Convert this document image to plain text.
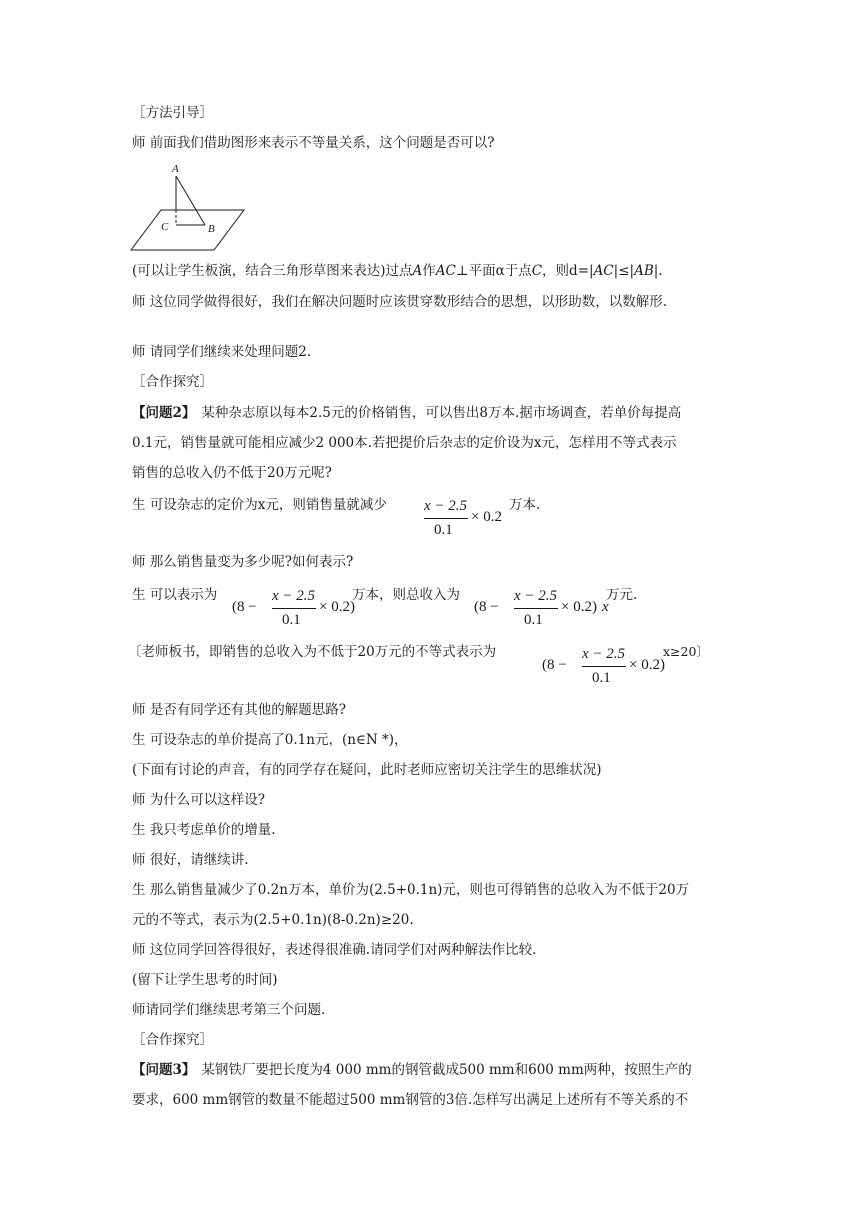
［方法引导］
师 前面我们借助图形来表示不等量关系，这个问题是否可以?
A
C	B
(可以让学生板演，结合三角形草图来表达)过点A作AC⊥平面α于点C，则d=|AC|≤|AB|.
师 这位同学做得很好，我们在解决问题时应该贯穿数形结合的思想，以形助数，以数解形.
师 请同学们继续来处理问题2.
［合作探究］
【问题2】 某种杂志原以每本2.5元的价格销售，可以售出8万本.据市场调查，若单价每提高
0.1元，销售量就可能相应减少2 000本.若把提价后杂志的定价设为x元，怎样用不等式表示
销售的总收入仍不低于20万元呢?
生 可设杂志的定价为x元，则销售量就减少 x − 2.5
0.1
× 0.2
万本.
师 那么销售量变为多少呢?如何表示?
生 可以表示为
(8 −
x − 2.5
0.1
× 0.2)
万本，则总收入为
(8 −
x − 2.5
0.1
× 0.2) x
万元.
〔老师板书，即销售的总收入为不低于20万元的不等式表示为
(8 −
x − 2.5
0.1
× 0.2)
x≥20〕
师 是否有同学还有其他的解题思路?
生 可设杂志的单价提高了0.1n元，(n∈N *)，
(下面有讨论的声音，有的同学存在疑问，此时老师应密切关注学生的思维状况)
师 为什么可以这样设?
生 我只考虑单价的增量.
师 很好，请继续讲.
生 那么销售量减少了0.2n万本，单价为(2.5+0.1n)元，则也可得销售的总收入为不低于20万
元的不等式，表示为(2.5+0.1n)(8-0.2n)≥20.
师 这位同学回答得很好，表述得很准确.请同学们对两种解法作比较.
(留下让学生思考的时间)
师请同学们继续思考第三个问题.
［合作探究］
【问题3】 某钢铁厂要把长度为4 000 mm的钢管截成500 mm和600 mm两种，按照生产的
要求，600 mm钢管的数量不能超过500 mm钢管的3倍.怎样写出满足上述所有不等关系的不
